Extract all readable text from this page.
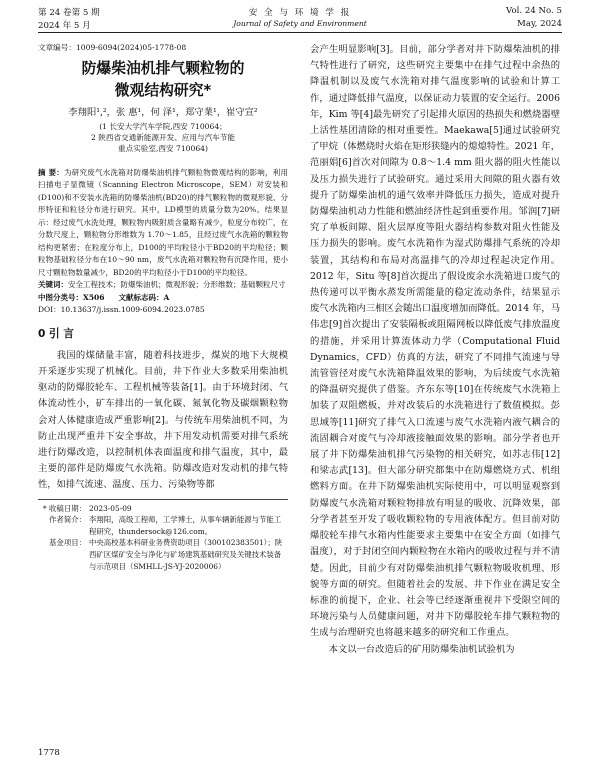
第 24 卷第 5 期
2024 年 5 月
安 全 与 环 境 学 报
Journal of Safety and Environment
Vol. 24 No. 5
May, 2024
文章编号：1009-6094(2024)05-1778-08
防爆柴油机排气颗粒物的
微观结构研究*
李翔阳¹,²，张 惠¹，何 泽¹，郑守業¹，崔守宣²
(1 长安大学汽车学院,西安 710064；
2 陕西省交通新能源开发、应用与汽车节能
重点实验室,西安 710064)
摘 要：为研究废气水洗箱对防爆柴油机排气颗粒物微观结构的影响，利用扫描电子显微镜（Scanning Electron Microscope，SEM）对安装和(D100)和不安装水洗箱的防爆柴油机(BD20)的排气颗粒物的微观形貌、分形特征和粒径分布进行研究。其中，LD模型的质量分数为20%。结果显示：经过废气水洗处理，颗粒物内吸附质含量略有减少，粒度分布较广，在分数尺度上，颗粒物分形维数为 1.70～1.85，且经过废气水洗箱的颗粒物结构更紧密；在粒度分布上，D100的平均粒径小于BD20的平均粒径；颗粒物基础粒径分布在10～90 nm，废气水洗箱对颗粒物有沉降作用，使小尺寸颗粒物数量减少，BD20的平均粒径小于D100的平均粒径。
关键词：安全工程技术；防爆柴油机；微观形貌；分形维数；基础颗粒尺寸
中图分类号：X506 文献标志码：A
DOI：10.13637/j.issn.1009-6094.2023.0785
0 引 言

我国的煤储量丰富，随着科技进步，煤炭的地下大规模开采逐步实现了机械化。目前，井下作业大多数采用柴油机驱动的防爆胶轮车、工程机械等装备[1]。由于环境封闭、气体流动性小，矿车排出的一氧化碳、氮氧化物及碳烟颗粒物会对人体健康造成严重影响[2]。与传统车用柴油机不同，为防止出现严重井下安全事故，井下用发动机需要对排气系统进行防爆改造，以控制机体表面温度和排气温度，其中，最主要的部件是防爆废气水洗箱。防爆改造对发动机的排气特性，如排气流速、温度、压力、污染物等都

* 收稿日期： 2023-05-09
作者简介： 李翔阳，高级工程师，工学博士，从事车辆新能源与节能工程研究，thundersock@126.com。
基金项目： 中央高校基本科研业务费资助项目（300102383501）；陕西矿区煤矿安全与净化与矿场建筑基础研究及关键技术装备与示范项目（SMHLL-JS-YJ-2020006）

会产生明显影响[3]。目前，部分学者对井下防爆柴油机的排气特性进行了研究，这些研究主要集中在排气过程中余热的降温机制以及废气水洗箱对排气温度影响的试验和计算工作，通过降低排气温度，以保证动力装置的安全运行。2006 年，Kim 等[4]最先研究了引起排火原因的热损失和燃烧器壁上活性基团清除的相对重要性。Maekawa[5]通过试验研究了甲烷（体燃烧时火焰在矩形狭缝内的熄熄特性。2021 年，范丽娟[6]首次对间隙为 0.8～1.4 mm 阻火器的阻火性能以及压力损失进行了试验研究。通过采用大间隙的阻火器有效提升了防爆柴油机的通气效率并降低压力损失，造成对提升防爆柴油机动力性能和燃油经济性起到重要作用。邹润[7]研究了单板间隙、阻火层厚度等阻火器结构参数对阻火性能及压力损失的影响。废气水洗箱作为湿式防爆排气系统的冷却装置，其结构和布局对高温排气的冷却过程起决定作用。2012 年，Situ 等[8]首次提出了假设废余水洗箱进口废气的热传递可以平衡水蒸发所需能量的稳定流动条件，结果显示废气水洗箱内三相区会随出口温度增加而降低。2014 年，马伟忠[9]首次提出了安装隔板或阻隔网板以降低废气排放温度的措施，并采用计算流体动力学（Computational Fluid Dynamics，CFD）仿真的方法，研究了不同排气流速与导流管管径对废气水洗箱降温效果的影响，为后续废气水洗箱的降温研究提供了借鉴。齐东东等[10]在传统废气水洗箱上加装了双阻燃板，并对改装后的水洗箱进行了数值模拟。彭思域等[11]研究了排气入口流速与废气水洗箱内液气耦合的流固耦合对废气与冷却液接触面效果的影响。部分学者也开展了井下防爆柴油机排气污染物的相关研究，如苏志伟[12]和梁志武[13]。但大部分研究都集中在防爆燃烧方式、机组燃料方面。在井下防爆柴油机实际使用中，可以明显观察到防爆废气水洗箱对颗粒物排放有明显的吸收、沉降效果，部分学者甚至开发了吸收颗粒物的专用液体配方。但目前对防爆胶轮车排气水箱内性能要求主要集中在安全方面（如排气温度），对于封闭空间内颗粒物在水箱内的吸收过程与并不清楚。因此，目前少有对防爆柴油机排气颗粒物吸收机理、形貌等方面的研究。但随着社会的发展、井下作业在满足安全标准的前提下，企业、社会等已经逐渐重视井下受限空间的环境污染与人员健康问题，对井下防爆胶轮车排气颗粒物的生成与治理研究也将越来越多的研究和工作重点。

本文以一台改造后的矿用防爆柴油机试验机为

1778
